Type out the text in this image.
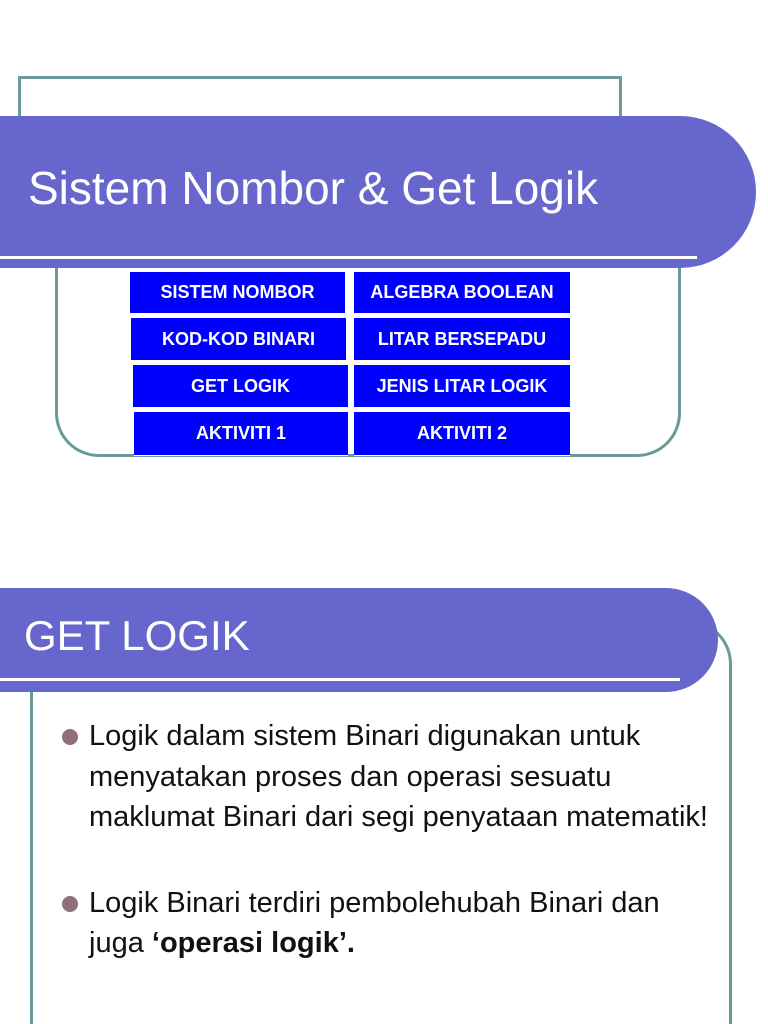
Sistem Nombor & Get Logik
SISTEM NOMBOR	ALGEBRA BOOLEAN
KOD-KOD BINARI	LITAR BERSEPADU
GET LOGIK	JENIS LITAR LOGIK
AKTIVITI 1	AKTIVITI 2
GET LOGIK
Logik dalam sistem Binari digunakan untuk menyatakan proses dan operasi sesuatu maklumat Binari dari segi penyataan matematik!
Logik Binari terdiri pembolehubah Binari dan juga ‘operasi logik’.
